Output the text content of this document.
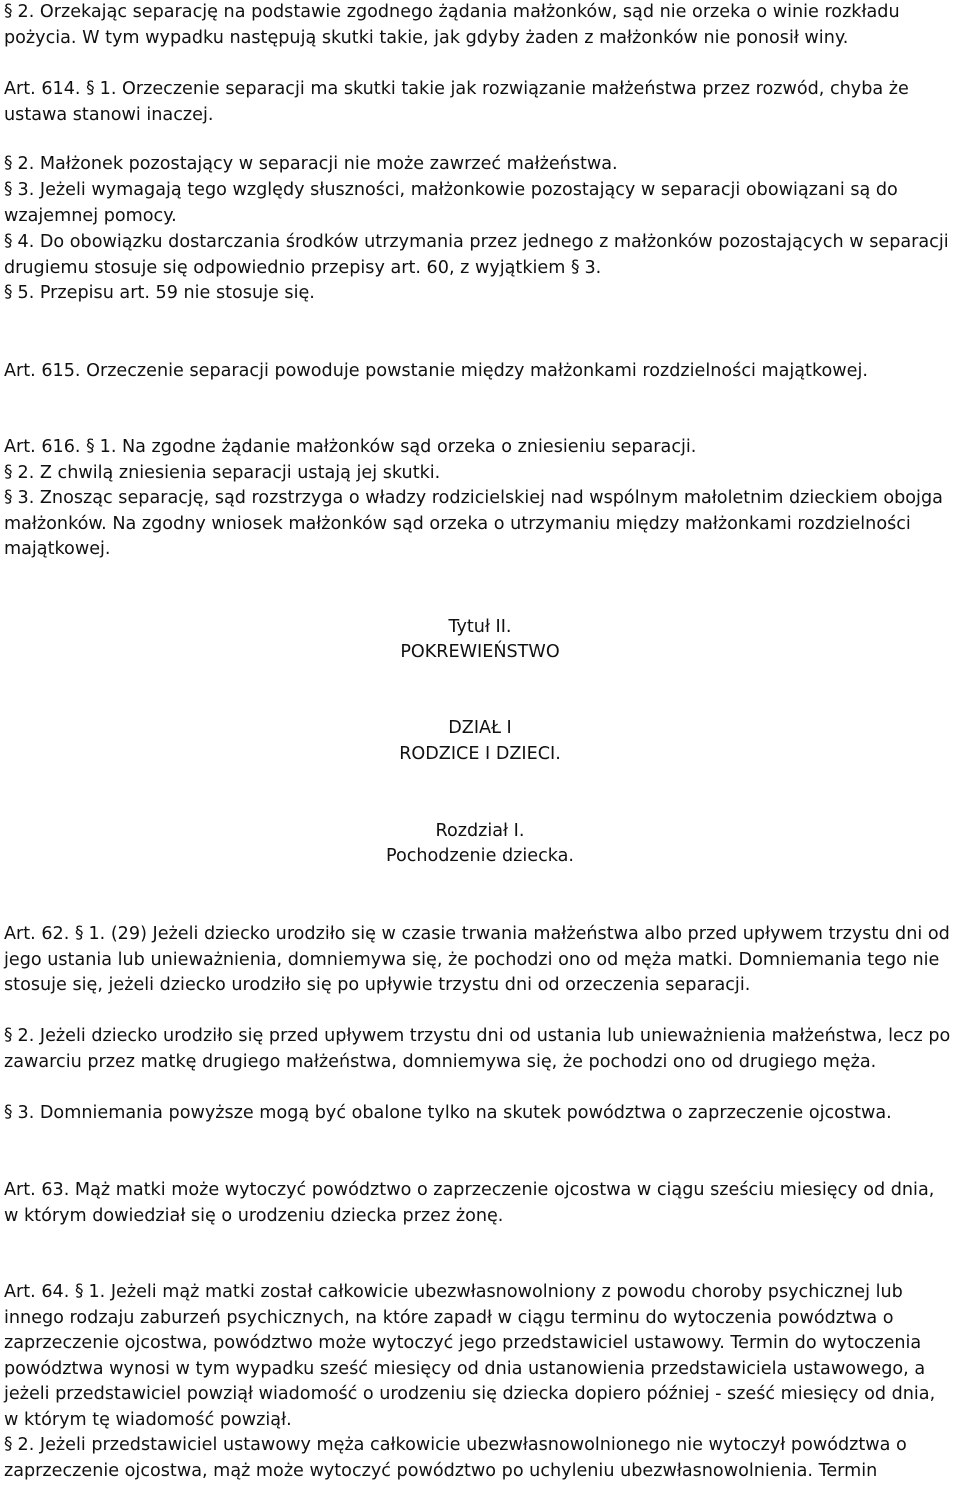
§ 2. Orzekając separację na podstawie zgodnego żądania małżonków, sąd nie orzeka o winie rozkładu pożycia. W tym wypadku następują skutki takie, jak gdyby żaden z małżonków nie ponosił winy.

Art. 614. § 1. Orzeczenie separacji ma skutki takie jak rozwiązanie małżeństwa przez rozwód, chyba że ustawa stanowi inaczej.

§ 2. Małżonek pozostający w separacji nie może zawrzeć małżeństwa.

§ 3. Jeżeli wymagają tego względy słuszności, małżonkowie pozostający w separacji obowiązani są do wzajemnej pomocy.

§ 4. Do obowiązku dostarczania środków utrzymania przez jednego z małżonków pozostających w separacji drugiemu stosuje się odpowiednio przepisy art. 60, z wyjątkiem § 3.

§ 5. Przepisu art. 59 nie stosuje się.

Art. 615. Orzeczenie separacji powoduje powstanie między małżonkami rozdzielności majątkowej.

Art. 616. § 1. Na zgodne żądanie małżonków sąd orzeka o zniesieniu separacji.

§ 2. Z chwilą zniesienia separacji ustają jej skutki.

§ 3. Znosząc separację, sąd rozstrzyga o władzy rodzicielskiej nad wspólnym małoletnim dzieckiem obojga małżonków. Na zgodny wniosek małżonków sąd orzeka o utrzymaniu między małżonkami rozdzielności majątkowej.

Tytuł II.

POKREWIEŃSTWO

DZIAŁ I

RODZICE I DZIECI.

Rozdział I.

Pochodzenie dziecka.

Art. 62. § 1. (29) Jeżeli dziecko urodziło się w czasie trwania małżeństwa albo przed upływem trzystu dni od jego ustania lub unieważnienia, domniemywa się, że pochodzi ono od męża matki. Domniemania tego nie stosuje się, jeżeli dziecko urodziło się po upływie trzystu dni od orzeczenia separacji.

§ 2. Jeżeli dziecko urodziło się przed upływem trzystu dni od ustania lub unieważnienia małżeństwa, lecz po zawarciu przez matkę drugiego małżeństwa, domniemywa się, że pochodzi ono od drugiego męża.

§ 3. Domniemania powyższe mogą być obalone tylko na skutek powództwa o zaprzeczenie ojcostwa.

Art. 63. Mąż matki może wytoczyć powództwo o zaprzeczenie ojcostwa w ciągu sześciu miesięcy od dnia, w którym dowiedział się o urodzeniu dziecka przez żonę.

Art. 64. § 1. Jeżeli mąż matki został całkowicie ubezwłasnowolniony z powodu choroby psychicznej lub innego rodzaju zaburzeń psychicznych, na które zapadł w ciągu terminu do wytoczenia powództwa o zaprzeczenie ojcostwa, powództwo może wytoczyć jego przedstawiciel ustawowy. Termin do wytoczenia powództwa wynosi w tym wypadku sześć miesięcy od dnia ustanowienia przedstawiciela ustawowego, a jeżeli przedstawiciel powziął wiadomość o urodzeniu się dziecka dopiero później - sześć miesięcy od dnia, w którym tę wiadomość powziął.

§ 2. Jeżeli przedstawiciel ustawowy męża całkowicie ubezwłasnowolnionego nie wytoczył powództwa o zaprzeczenie ojcostwa, mąż może wytoczyć powództwo po uchyleniu ubezwłasnowolnienia. Termin
